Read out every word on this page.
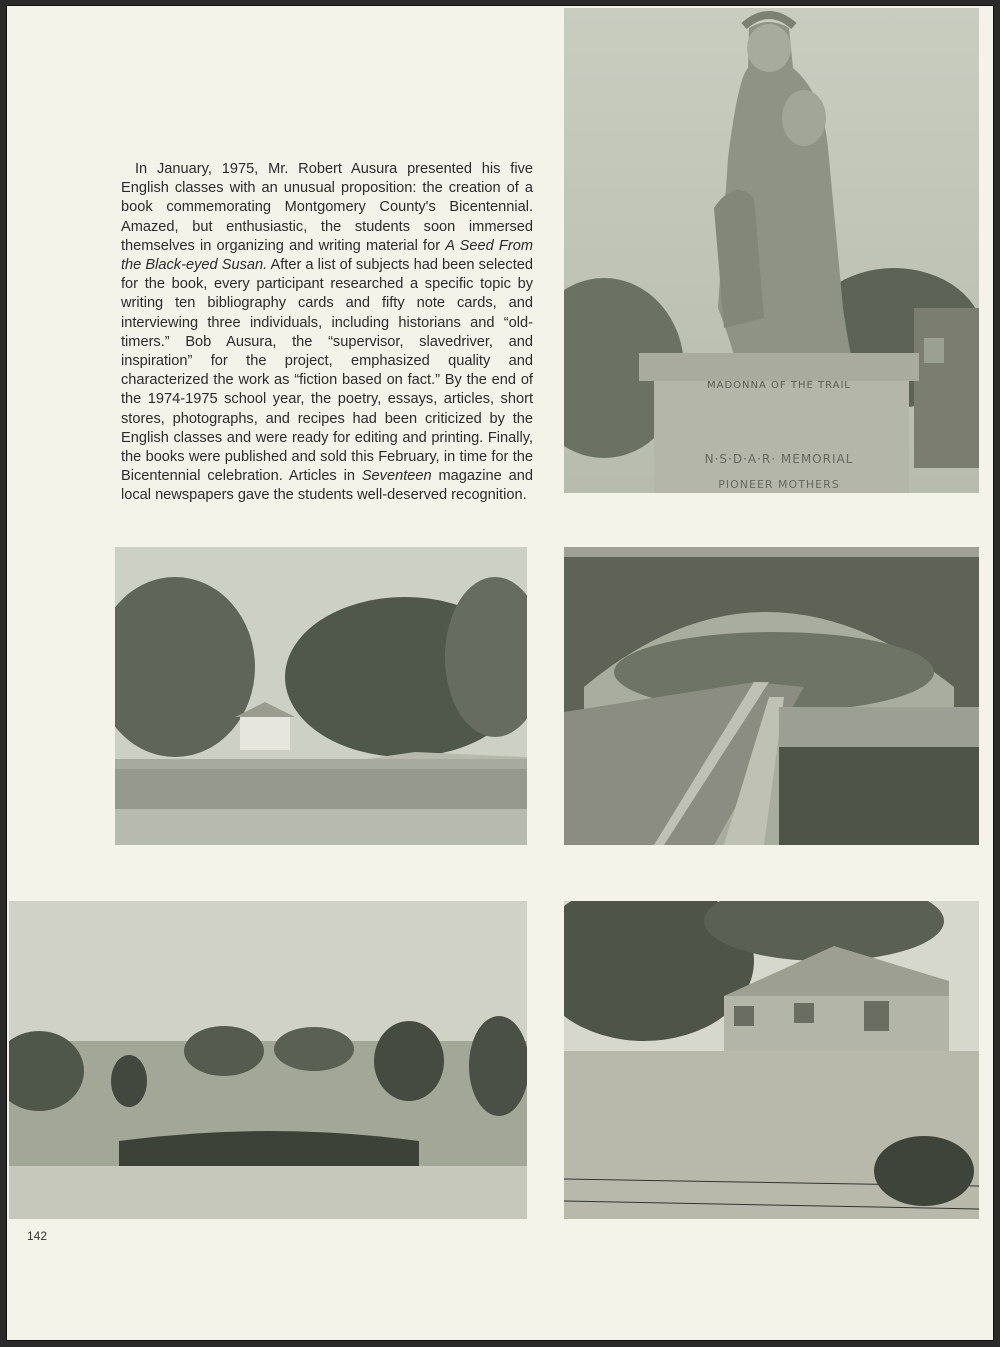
In January, 1975, Mr. Robert Ausura presented his five English classes with an unusual proposition: the creation of a book commemorating Montgomery County's Bicentennial. Amazed, but enthusiastic, the students soon immersed themselves in organizing and writing material for A Seed From the Black-eyed Susan. After a list of subjects had been selected for the book, every participant researched a specific topic by writing ten bibliography cards and fifty note cards, and interviewing three individuals, including historians and “old-timers.” Bob Ausura, the “supervisor, slavedriver, and inspiration” for the project, emphasized quality and characterized the work as “fiction based on fact.” By the end of the 1974-1975 school year, the poetry, essays, articles, short stores, photographs, and recipes had been criticized by the English classes and were ready for editing and printing. Finally, the books were published and sold this February, in time for the Bicentennial celebration. Articles in Seventeen magazine and local newspapers gave the students well-deserved recognition.

MADONNA OF THE TRAIL
N·S·D·A·R· MEMORIAL
PIONEER MOTHERS
142
